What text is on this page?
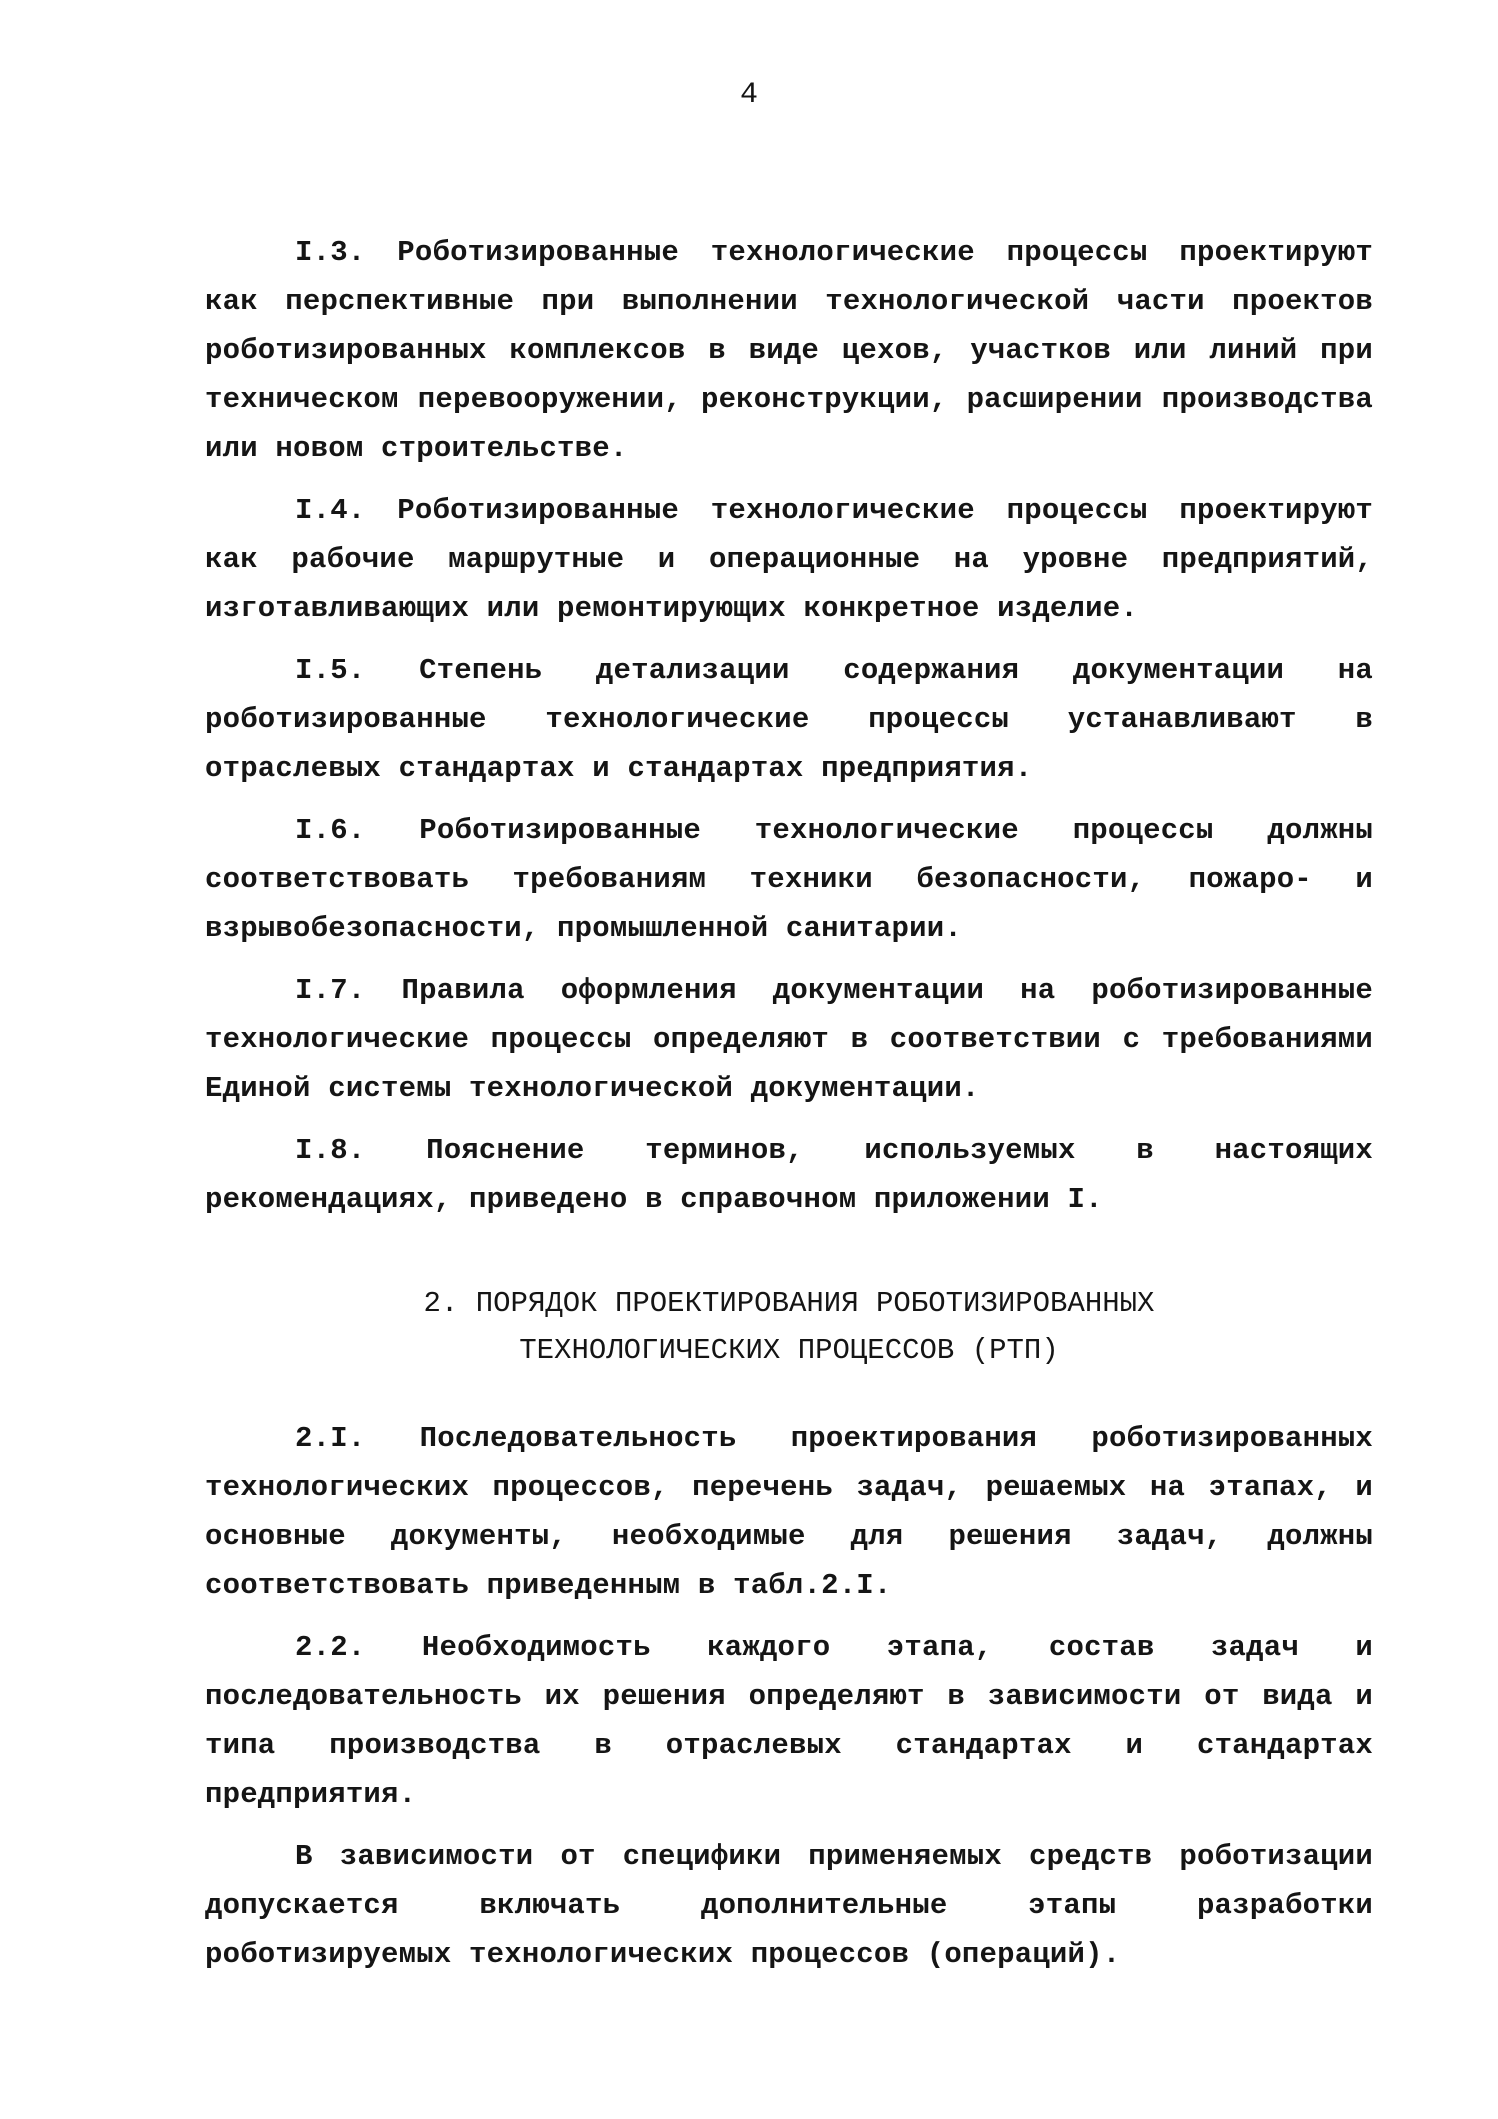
4

I.3. Роботизированные технологические процессы проектируют как перспективные при выполнении технологической части проектов роботизированных комплексов в виде цехов, участков или линий при техническом перевооружении, реконструкции, расширении производства или новом строительстве.

I.4. Роботизированные технологические процессы проектируют как рабочие маршрутные и операционные на уровне предприятий, изготавливающих или ремонтирующих конкретное изделие.

I.5. Степень детализации содержания документации на роботизированные технологические процессы устанавливают в отраслевых стандартах и стандартах предприятия.

I.6. Роботизированные технологические процессы должны соответствовать требованиям техники безопасности, пожаро- и взрывобезопасности, промышленной санитарии.

I.7. Правила оформления документации на роботизированные технологические процессы определяют в соответствии с требованиями Единой системы технологической документации.

I.8. Пояснение терминов, используемых в настоящих рекомендациях, приведено в справочном приложении I.

2. ПОРЯДОК ПРОЕКТИРОВАНИЯ РОБОТИЗИРОВАННЫХ
ТЕХНОЛОГИЧЕСКИХ ПРОЦЕССОВ (РТП)

2.I. Последовательность проектирования роботизированных технологических процессов, перечень задач, решаемых на этапах, и основные документы, необходимые для решения задач, должны соответствовать приведенным в табл.2.I.

2.2. Необходимость каждого этапа, состав задач и последовательность их решения определяют в зависимости от вида и типа производства в отраслевых стандартах и стандартах предприятия.

В зависимости от специфики применяемых средств роботизации допускается включать дополнительные этапы разработки роботизируемых технологических процессов (операций).
